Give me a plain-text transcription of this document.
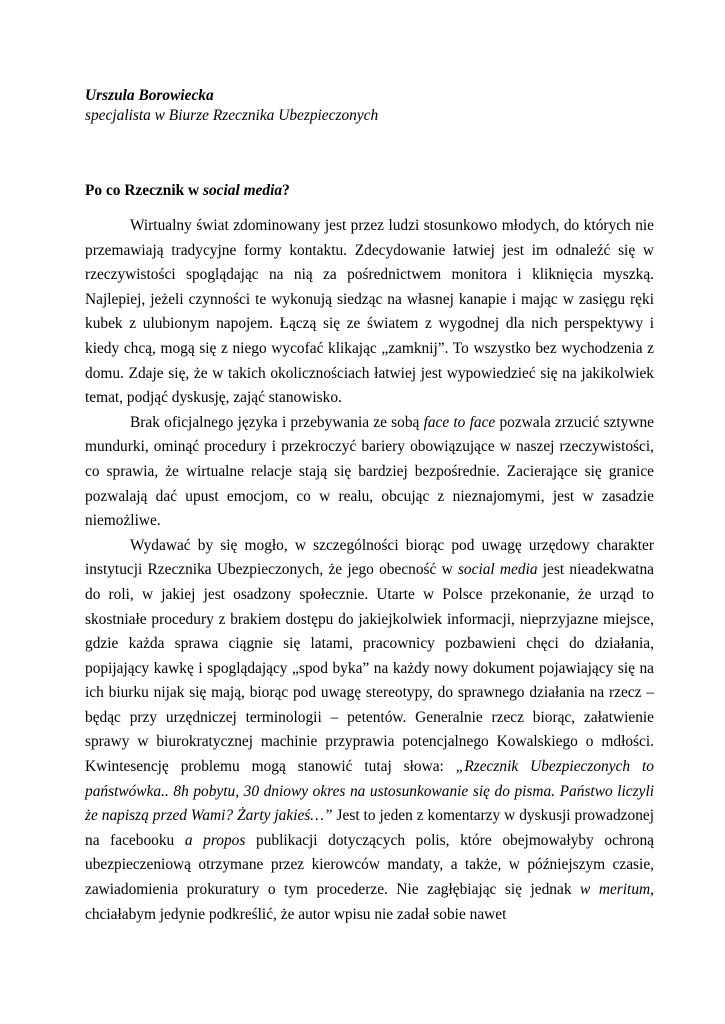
Urszula Borowiecka

specjalista w Biurze Rzecznika Ubezpieczonych

Po co Rzecznik w social media?

Wirtualny świat zdominowany jest przez ludzi stosunkowo młodych, do których nie przemawiają tradycyjne formy kontaktu. Zdecydowanie łatwiej jest im odnaleźć się w rzeczywistości spoglądając na nią za pośrednictwem monitora i kliknięcia myszką. Najlepiej, jeżeli czynności te wykonują siedząc na własnej kanapie i mając w zasięgu ręki kubek z ulubionym napojem. Łączą się ze światem z wygodnej dla nich perspektywy i kiedy chcą, mogą się z niego wycofać klikając „zamknij”. To wszystko bez wychodzenia z domu. Zdaje się, że w takich okolicznościach łatwiej jest wypowiedzieć się na jakikolwiek temat, podjąć dyskusję, zająć stanowisko.

Brak oficjalnego języka i przebywania ze sobą face to face pozwala zrzucić sztywne mundurki, ominąć procedury i przekroczyć bariery obowiązujące w naszej rzeczywistości, co sprawia, że wirtualne relacje stają się bardziej bezpośrednie. Zacierające się granice pozwalają dać upust emocjom, co w realu, obcując z nieznajomymi, jest w zasadzie niemożliwe.

Wydawać by się mogło, w szczególności biorąc pod uwagę urzędowy charakter instytucji Rzecznika Ubezpieczonych, że jego obecność w social media jest nieadekwatna do roli, w jakiej jest osadzony społecznie. Utarte w Polsce przekonanie, że urząd to skostniałe procedury z brakiem dostępu do jakiejkolwiek informacji, nieprzyjazne miejsce, gdzie każda sprawa ciągnie się latami, pracownicy pozbawieni chęci do działania, popijający kawkę i spoglądający „spod byka” na każdy nowy dokument pojawiający się na ich biurku nijak się mają, biorąc pod uwagę stereotypy, do sprawnego działania na rzecz – będąc przy urzędniczej terminologii – petentów. Generalnie rzecz biorąc, załatwienie sprawy w biurokratycznej machinie przyprawia potencjalnego Kowalskiego o mdłości. Kwintesencję problemu mogą stanowić tutaj słowa: „Rzecznik Ubezpieczonych to państwówka.. 8h pobytu, 30 dniowy okres na ustosunkowanie się do pisma. Państwo liczyli że napiszą przed Wami? Żarty jakieś…” Jest to jeden z komentarzy w dyskusji prowadzonej na facebooku a propos publikacji dotyczących polis, które obejmowałyby ochroną ubezpieczeniową otrzymane przez kierowców mandaty, a także, w późniejszym czasie, zawiadomienia prokuratury o tym procederze. Nie zagłębiając się jednak w meritum, chciałabym jedynie podkreślić, że autor wpisu nie zadał sobie nawet
